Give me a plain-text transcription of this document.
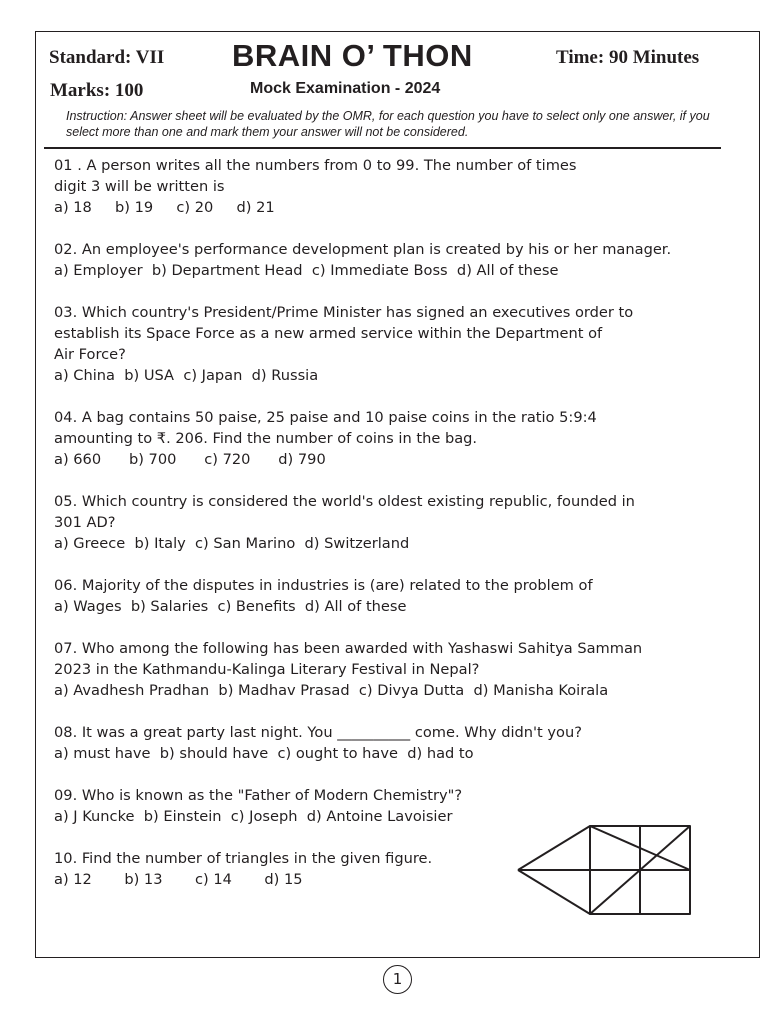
Standard: VII BRAIN O’ THON	Time: 90 Minutes
Marks: 100	Mock Examination - 2024
Instruction: Answer sheet will be evaluated by the OMR, for each question you have to select only one answer, if you select more than one and mark them your answer will not be considered.
01 . A person writes all the numbers from 0 to 99. The number of times
digit 3 will be written is
a) 18     b) 19     c) 20     d) 21
02. An employee's performance development plan is created by his or her manager.
a) Employer  b) Department Head  c) Immediate Boss  d) All of these
03. Which country's President/Prime Minister has signed an executives order to
establish its Space Force as a new armed service within the Department of
Air Force?
a) China  b) USA  c) Japan  d) Russia
04. A bag contains 50 paise, 25 paise and 10 paise coins in the ratio 5:9:4
amounting to ₹. 206. Find the number of coins in the bag.
a) 660      b) 700      c) 720      d) 790
05. Which country is considered the world's oldest existing republic, founded in
301 AD?
a) Greece  b) Italy  c) San Marino  d) Switzerland
06. Majority of the disputes in industries is (are) related to the problem of
a) Wages  b) Salaries  c) Benefits  d) All of these
07. Who among the following has been awarded with Yashaswi Sahitya Samman
2023 in the Kathmandu-Kalinga Literary Festival in Nepal?
a) Avadhesh Pradhan  b) Madhav Prasad  c) Divya Dutta  d) Manisha Koirala
08. It was a great party last night. You __________ come. Why didn't you?
a) must have  b) should have  c) ought to have  d) had to
09. Who is known as the "Father of Modern Chemistry"?
a) J Kuncke  b) Einstein  c) Joseph  d) Antoine Lavoisier
10. Find the number of triangles in the given figure.
a) 12       b) 13       c) 14       d) 15
1
